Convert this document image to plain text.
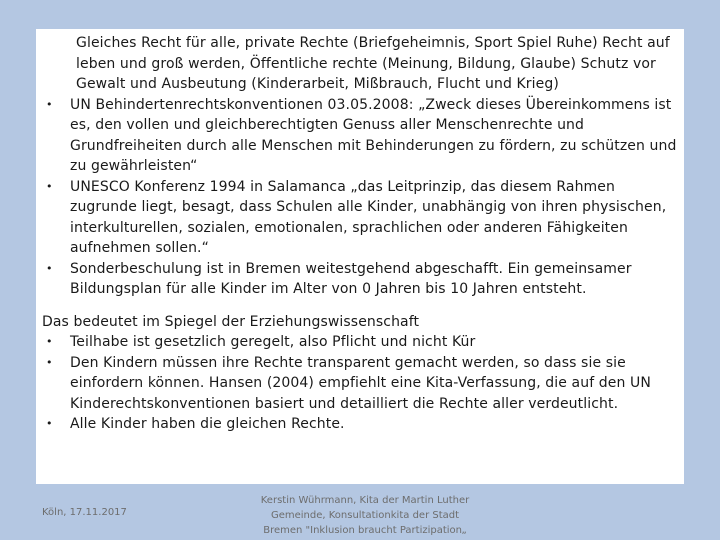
Gleiches Recht für alle, private Rechte (Briefgeheimnis, Sport Spiel Ruhe) Recht auf leben und groß werden, Öffentliche rechte (Meinung, Bildung, Glaube) Schutz vor Gewalt und Ausbeutung (Kinderarbeit, Mißbrauch, Flucht und Krieg)

• UN Behindertenrechtskonventionen 03.05.2008: „Zweck dieses Übereinkommens ist es, den vollen und gleichberechtigten Genuss aller Menschenrechte und Grundfreiheiten durch alle Menschen mit Behinderungen zu fördern, zu schützen und zu gewährleisten“
• UNESCO Konferenz 1994 in Salamanca „das Leitprinzip, das diesem Rahmen zugrunde liegt, besagt, dass Schulen alle Kinder, unabhängig von ihren physischen, interkulturellen, sozialen, emotionalen, sprachlichen oder anderen Fähigkeiten aufnehmen sollen.“
• Sonderbeschulung ist in Bremen weitestgehend abgeschafft. Ein gemeinsamer Bildungsplan für alle Kinder im Alter von 0 Jahren bis 10 Jahren entsteht.

Das bedeutet im Spiegel der Erziehungswissenschaft

• Teilhabe ist gesetzlich geregelt, also Pflicht und nicht Kür
• Den Kindern müssen ihre Rechte transparent gemacht werden, so dass sie sie einfordern können. Hansen (2004) empfiehlt eine Kita-Verfassung, die auf den UN Kinderechtskonventionen basiert und detailliert die Rechte aller verdeutlicht.
• Alle Kinder haben die gleichen Rechte.
Köln, 17.11.2017
Kerstin Wührmann, Kita der Martin Luther
Gemeinde, Konsultationkita der Stadt
Bremen "Inklusion braucht Partizipation„
